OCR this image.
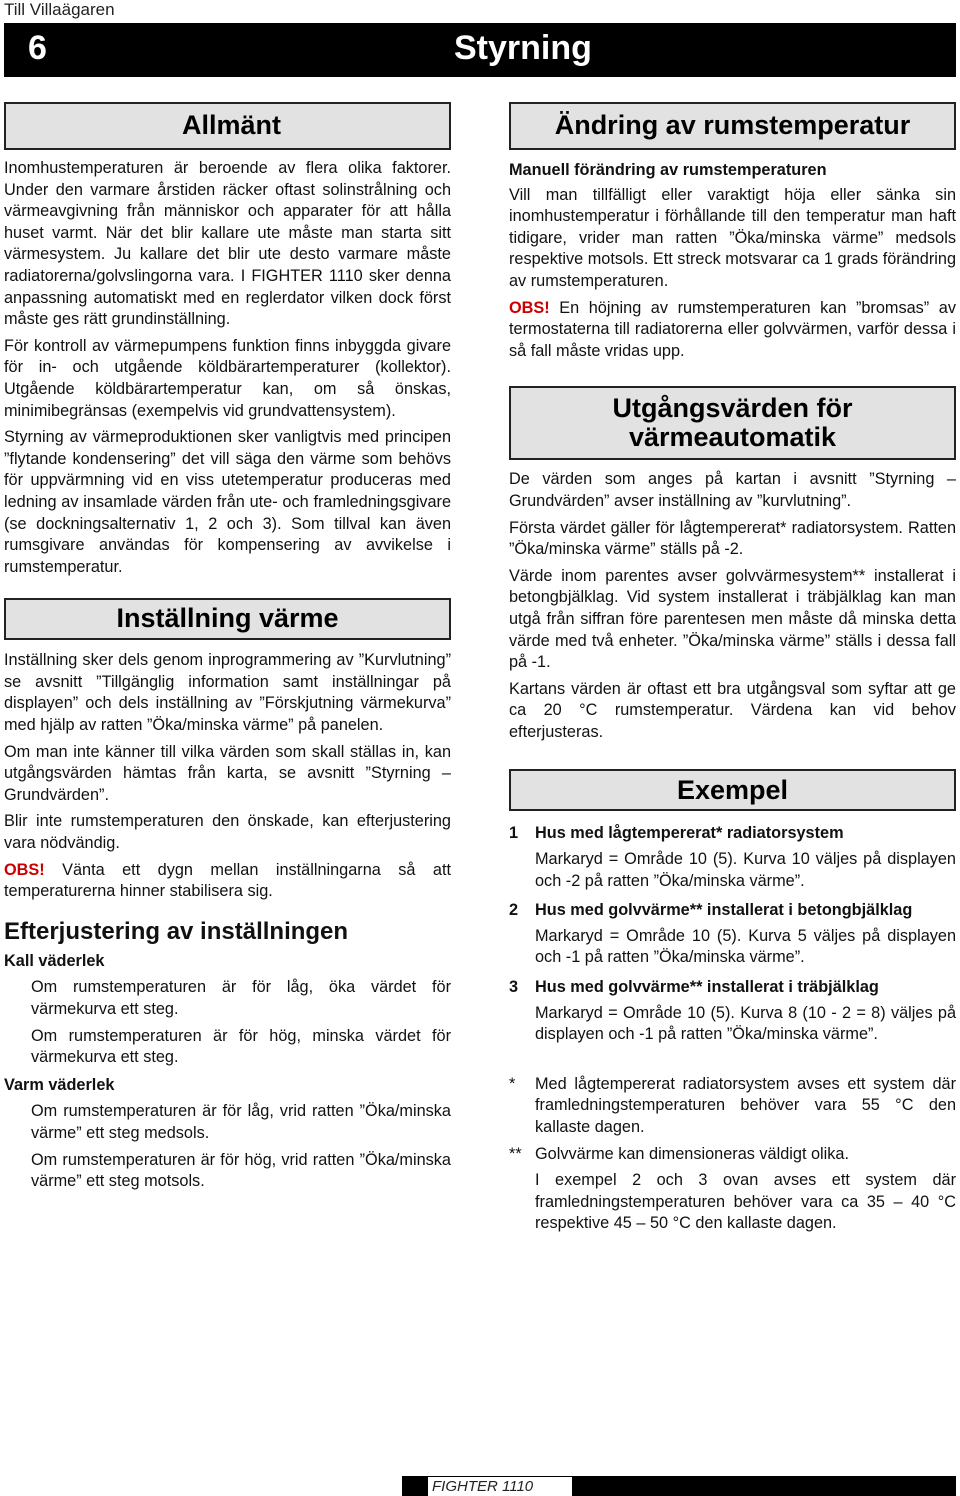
Till Villaägaren
6	Styrning
Allmänt

Inomhustemperaturen är beroende av flera olika faktorer. Under den varmare årstiden räcker oftast solinstrålning och värmeavgivning från människor och apparater för att hålla huset varmt. När det blir kallare ute måste man starta sitt värmesystem. Ju kallare det blir ute desto varmare måste radiatorerna/golvslingorna vara. I FIGHTER 1110 sker denna anpassning automatiskt med en reglerdator vilken dock först måste ges rätt grundinställning.

För kontroll av värmepumpens funktion finns inbyggda givare för in- och utgående köldbärartemperaturer (kollektor). Utgående köldbärartemperatur kan, om så önskas, minimibegränsas (exempelvis vid grundvattensystem).

Styrning av värmeproduktionen sker vanligtvis med principen ”flytande kondensering” det vill säga den värme som behövs för uppvärmning vid en viss utetemperatur produceras med ledning av insamlade värden från ute- och framledningsgivare (se dockningsalternativ 1, 2 och 3). Som tillval kan även rumsgivare användas för kompensering av avvikelse i rumstemperatur.

Inställning värme

Inställning sker dels genom inprogrammering av ”Kurvlutning” se avsnitt ”Tillgänglig information samt inställningar på displayen” och dels inställning av ”Förskjutning värmekurva” med hjälp av ratten ”Öka/minska värme” på panelen.

Om man inte känner till vilka värden som skall ställas in, kan utgångsvärden hämtas från karta, se avsnitt ”Styrning – Grundvärden”.

Blir inte rumstemperaturen den önskade, kan efterjustering vara nödvändig.

OBS! Vänta ett dygn mellan inställningarna så att temperaturerna hinner stabilisera sig.

Efterjustering av inställningen
Kall väderlek

Om rumstemperaturen är för låg, öka värdet för värmekurva ett steg.

Om rumstemperaturen är för hög, minska värdet för värmekurva ett steg.

Varm väderlek

Om rumstemperaturen är för låg, vrid ratten ”Öka/minska värme” ett steg medsols.

Om rumstemperaturen är för hög, vrid ratten ”Öka/minska värme” ett steg motsols.

Ändring av rumstemperatur
Manuell förändring av rumstemperaturen

Vill man tillfälligt eller varaktigt höja eller sänka sin inomhustemperatur i förhållande till den temperatur man haft tidigare, vrider man ratten ”Öka/minska värme” medsols respektive motsols. Ett streck motsvarar ca 1 grads förändring av rumstemperaturen.

OBS! En höjning av rumstemperaturen kan ”bromsas” av termostaterna till radiatorerna eller golvvärmen, varför dessa i så fall måste vridas upp.

Utgångsvärden för värmeautomatik

De värden som anges på kartan i avsnitt ”Styrning – Grundvärden” avser inställning av ”kurvlutning”.

Första värdet gäller för lågtempererat* radiatorsystem. Ratten ”Öka/minska värme” ställs på -2.

Värde inom parentes avser golvvärmesystem** installerat i betongbjälklag. Vid system installerat i träbjälklag kan man utgå från siffran före parentesen men måste då minska detta värde med två enheter. ”Öka/minska värme” ställs i dessa fall på -1.

Kartans värden är oftast ett bra utgångsval som syftar att ge ca 20 °C rumstemperatur. Värdena kan vid behov efterjusteras.

Exempel
1	Hus med lågtempererat* radiatorsystem

Markaryd = Område 10 (5). Kurva 10 väljes på displayen och -2 på ratten ”Öka/minska värme”.

2	Hus med golvvärme** installerat i betongbjälklag

Markaryd = Område 10 (5). Kurva 5 väljes på displayen och -1 på ratten ”Öka/minska värme”.

3	Hus med golvvärme** installerat i träbjälklag

Markaryd = Område 10 (5). Kurva 8 (10 - 2 = 8) väljes på displayen och -1 på ratten ”Öka/minska värme”.

*	Med lågtempererat radiatorsystem avses ett system där framledningstemperaturen behöver vara 55 °C den kallaste dagen.

** Golvvärme kan dimensioneras väldigt olika.

I exempel 2 och 3 ovan avses ett system där framledningstemperaturen behöver vara ca 35 – 40 °C respektive 45 – 50 °C den kallaste dagen.

FIGHTER 1110
